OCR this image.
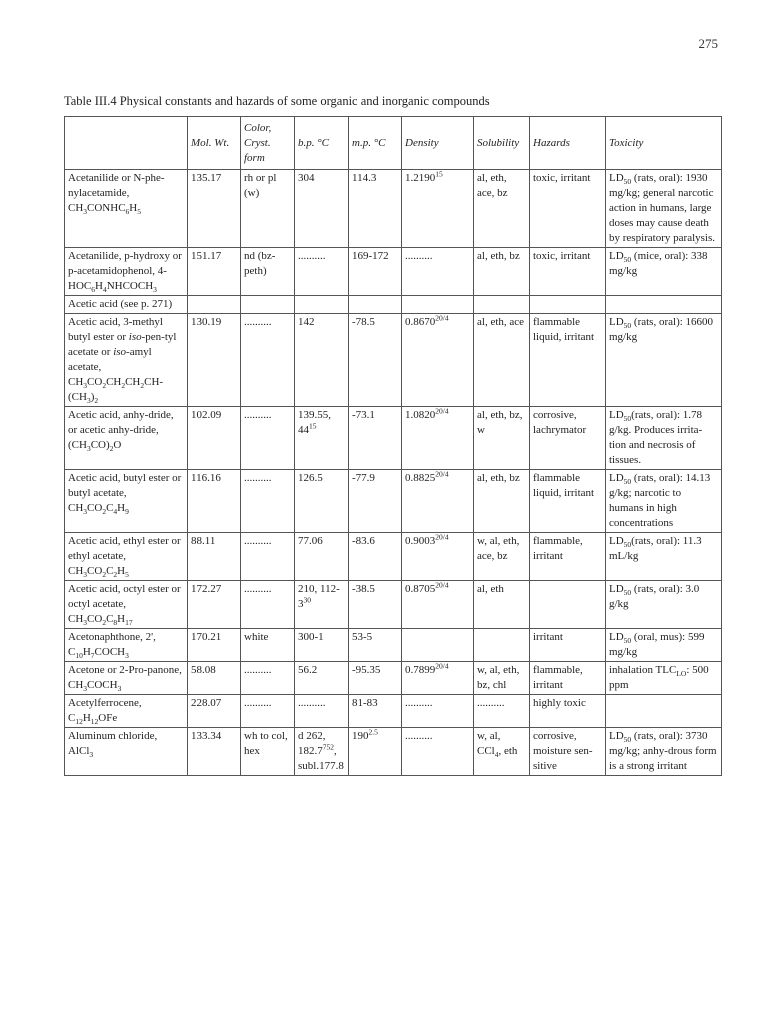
275
Table III.4 Physical constants and hazards of some organic and inorganic compounds
	Mol. Wt.	Color, Cryst. form	b.p. °C	m.p. °C	Density	Solubility	Hazards	Toxicity
Acetanilide or N-phe-nylacetamide, $CH_3CONHC_6H_5$	135.17	rh or pl (w)	304	114.3	1.2190$^{15}$	al, eth, ace, bz	toxic, irritant	$LD_{50}$ (rats, oral): 1930 mg/kg; general narcotic action in humans, large doses may cause death by respiratory paralysis.
Acetanilide, p-hydroxy or p-acetamidophenol, $4-HOC_6H_4NHCOCH_3$	151.17	nd (bz-peth)	..........	169-172	..........	al, eth, bz	toxic, irritant	$LD_{50}$ (mice, oral): 338 mg/kg
Acetic acid (see p. 271)								
Acetic acid, 3-methyl butyl ester or iso-pen-tyl acetate or iso-amyl acetate, $CH_3CO_2CH_2CH_2CH-(CH_3)_2$	130.19	..........	142	-78.5	$0.8670^{20/4}$	al, eth, ace	flammable liquid, irritant	$LD_{50}$ (rats, oral): 16600 mg/kg
Acetic acid, anhy-dride, or acetic anhy-dride, $(CH_3CO)_2O$	102.09	..........	139.55, $44^{15}$	-73.1	$1.0820^{20/4}$	al, eth, bz, w	corrosive, lachrymator	$LD_{50}(rats$, oral): 1.78 g/kg. Produces irrita-tion and necrosis of tissues.
Acetic acid, butyl ester or butyl acetate, $CH_3CO_2C_4H_9$	116.16	..........	126.5	-77.9	$0.8825^{20/4}$	al, eth, bz	flammable liquid, irritant	$LD_{50}$ (rats, oral): 14.13 g/kg; narcotic to humans in high concentrations
Acetic acid, ethyl ester or ethyl acetate, $CH_3CO_2C_2H_5$	88.11	..........	77.06	-83.6	$0.9003^{20/4}$	w, al, eth, ace, bz	flammable, irritant	$LD_{50}(rats$, oral): 11.3 mL/kg
Acetic acid, octyl ester or octyl acetate, $CH_3CO_2C_8H_{17}$	172.27	..........	210, $112-3^{30}$	-38.5	$0.8705^{20/4}$	al, eth		$LD_{50}$ (rats, oral): 3.0 g/kg
Acetonaphthone, 2', $C_{10}H_7COCH_3$	170.21	white	300-1	53-5			irritant	$LD_{50}$ (oral, mus): 599 mg/kg
Acetone or 2-Pro-panone, $CH_3COCH_3$	58.08	..........	56.2	-95.35	$0.7899^{20/4}$	w, al, eth, bz, chl	flammable, irritant	inhalation $TLC_{LO}$: 500 ppm
Acetylferrocene, $C_{12}H_{12}OFe$	228.07	..........	..........	81-83	..........	..........	highly toxic	
Aluminum chloride, AlCl$_3$	133.34	wh to col, hex	d 262, 182.7$^{752}$, subl.177.8	$190^{2.5}$	..........	w, al, CCl$_4$, eth	corrosive, moisture sen-sitive	$LD_{50}$ (rats, oral): 3730 mg/kg; anhy-drous form is a strong irritant
